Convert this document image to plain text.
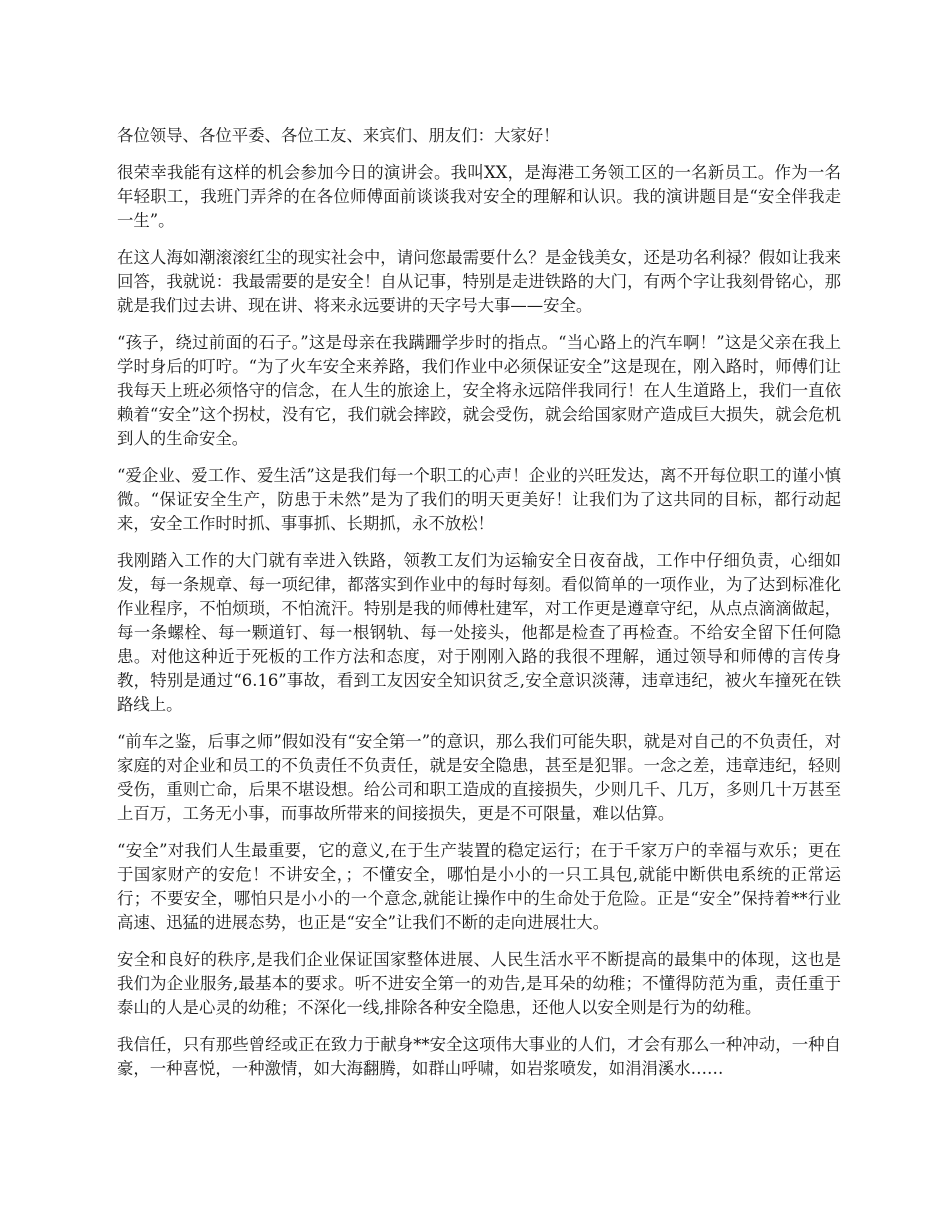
各位领导、各位平委、各位工友、来宾们、朋友们：大家好！

很荣幸我能有这样的机会参加今日的演讲会。我叫XX，是海港工务领工区的一名新员工。作为一名年轻职工，我班门弄斧的在各位师傅面前谈谈我对安全的理解和认识。我的演讲题目是“安全伴我走一生”。

在这人海如潮滚滚红尘的现实社会中，请问您最需要什么？是金钱美女，还是功名利禄？假如让我来回答，我就说：我最需要的是安全！自从记事，特别是走进铁路的大门，有两个字让我刻骨铭心，那就是我们过去讲、现在讲、将来永远要讲的天字号大事——安全。

“孩子，绕过前面的石子。”这是母亲在我蹒跚学步时的指点。“当心路上的汽车啊！”这是父亲在我上学时身后的叮咛。“为了火车安全来养路，我们作业中必须保证安全”这是现在，刚入路时，师傅们让我每天上班必须恪守的信念，在人生的旅途上，安全将永远陪伴我同行！在人生道路上，我们一直依赖着“安全”这个拐杖，没有它，我们就会摔跤，就会受伤，就会给国家财产造成巨大损失，就会危机到人的生命安全。

“爱企业、爱工作、爱生活”这是我们每一个职工的心声！企业的兴旺发达，离不开每位职工的谨小慎微。“保证安全生产，防患于未然”是为了我们的明天更美好！让我们为了这共同的目标，都行动起来，安全工作时时抓、事事抓、长期抓，永不放松！

我刚踏入工作的大门就有幸进入铁路，领教工友们为运输安全日夜奋战，工作中仔细负责，心细如发，每一条规章、每一项纪律，都落实到作业中的每时每刻。看似简单的一项作业，为了达到标准化作业程序，不怕烦琐，不怕流汗。特别是我的师傅杜建军，对工作更是遵章守纪，从点点滴滴做起，每一条螺栓、每一颗道钉、每一根钢轨、每一处接头，他都是检查了再检查。不给安全留下任何隐患。对他这种近于死板的工作方法和态度，对于刚刚入路的我很不理解，通过领导和师傅的言传身教，特别是通过“6.16”事故，看到工友因安全知识贫乏,安全意识淡薄，违章违纪，被火车撞死在铁路线上。

“前车之鉴，后事之师”假如没有“安全第一”的意识，那么我们可能失职，就是对自己的不负责任，对家庭的对企业和员工的不负责任不负责任，就是安全隐患，甚至是犯罪。一念之差，违章违纪，轻则受伤，重则亡命，后果不堪设想。给公司和职工造成的直接损失，少则几千、几万，多则几十万甚至上百万，工务无小事，而事故所带来的间接损失，更是不可限量，难以估算。

“安全”对我们人生最重要，它的意义,在于生产装置的稳定运行；在于千家万户的幸福与欢乐；更在于国家财产的安危！不讲安全，；不懂安全，哪怕是小小的一只工具包,就能中断供电系统的正常运行；不要安全，哪怕只是小小的一个意念,就能让操作中的生命处于危险。正是“安全”保持着**行业高速、迅猛的进展态势，也正是“安全”让我们不断的走向进展壮大。

安全和良好的秩序,是我们企业保证国家整体进展、人民生活水平不断提高的最集中的体现，这也是我们为企业服务,最基本的要求。听不进安全第一的劝告,是耳朵的幼稚；不懂得防范为重，责任重于泰山的人是心灵的幼稚；不深化一线,排除各种安全隐患，还他人以安全则是行为的幼稚。

我信任，只有那些曾经或正在致力于献身**安全这项伟大事业的人们，才会有那么一种冲动，一种自豪，一种喜悦，一种激情，如大海翻腾，如群山呼啸，如岩浆喷发，如涓涓溪水……
